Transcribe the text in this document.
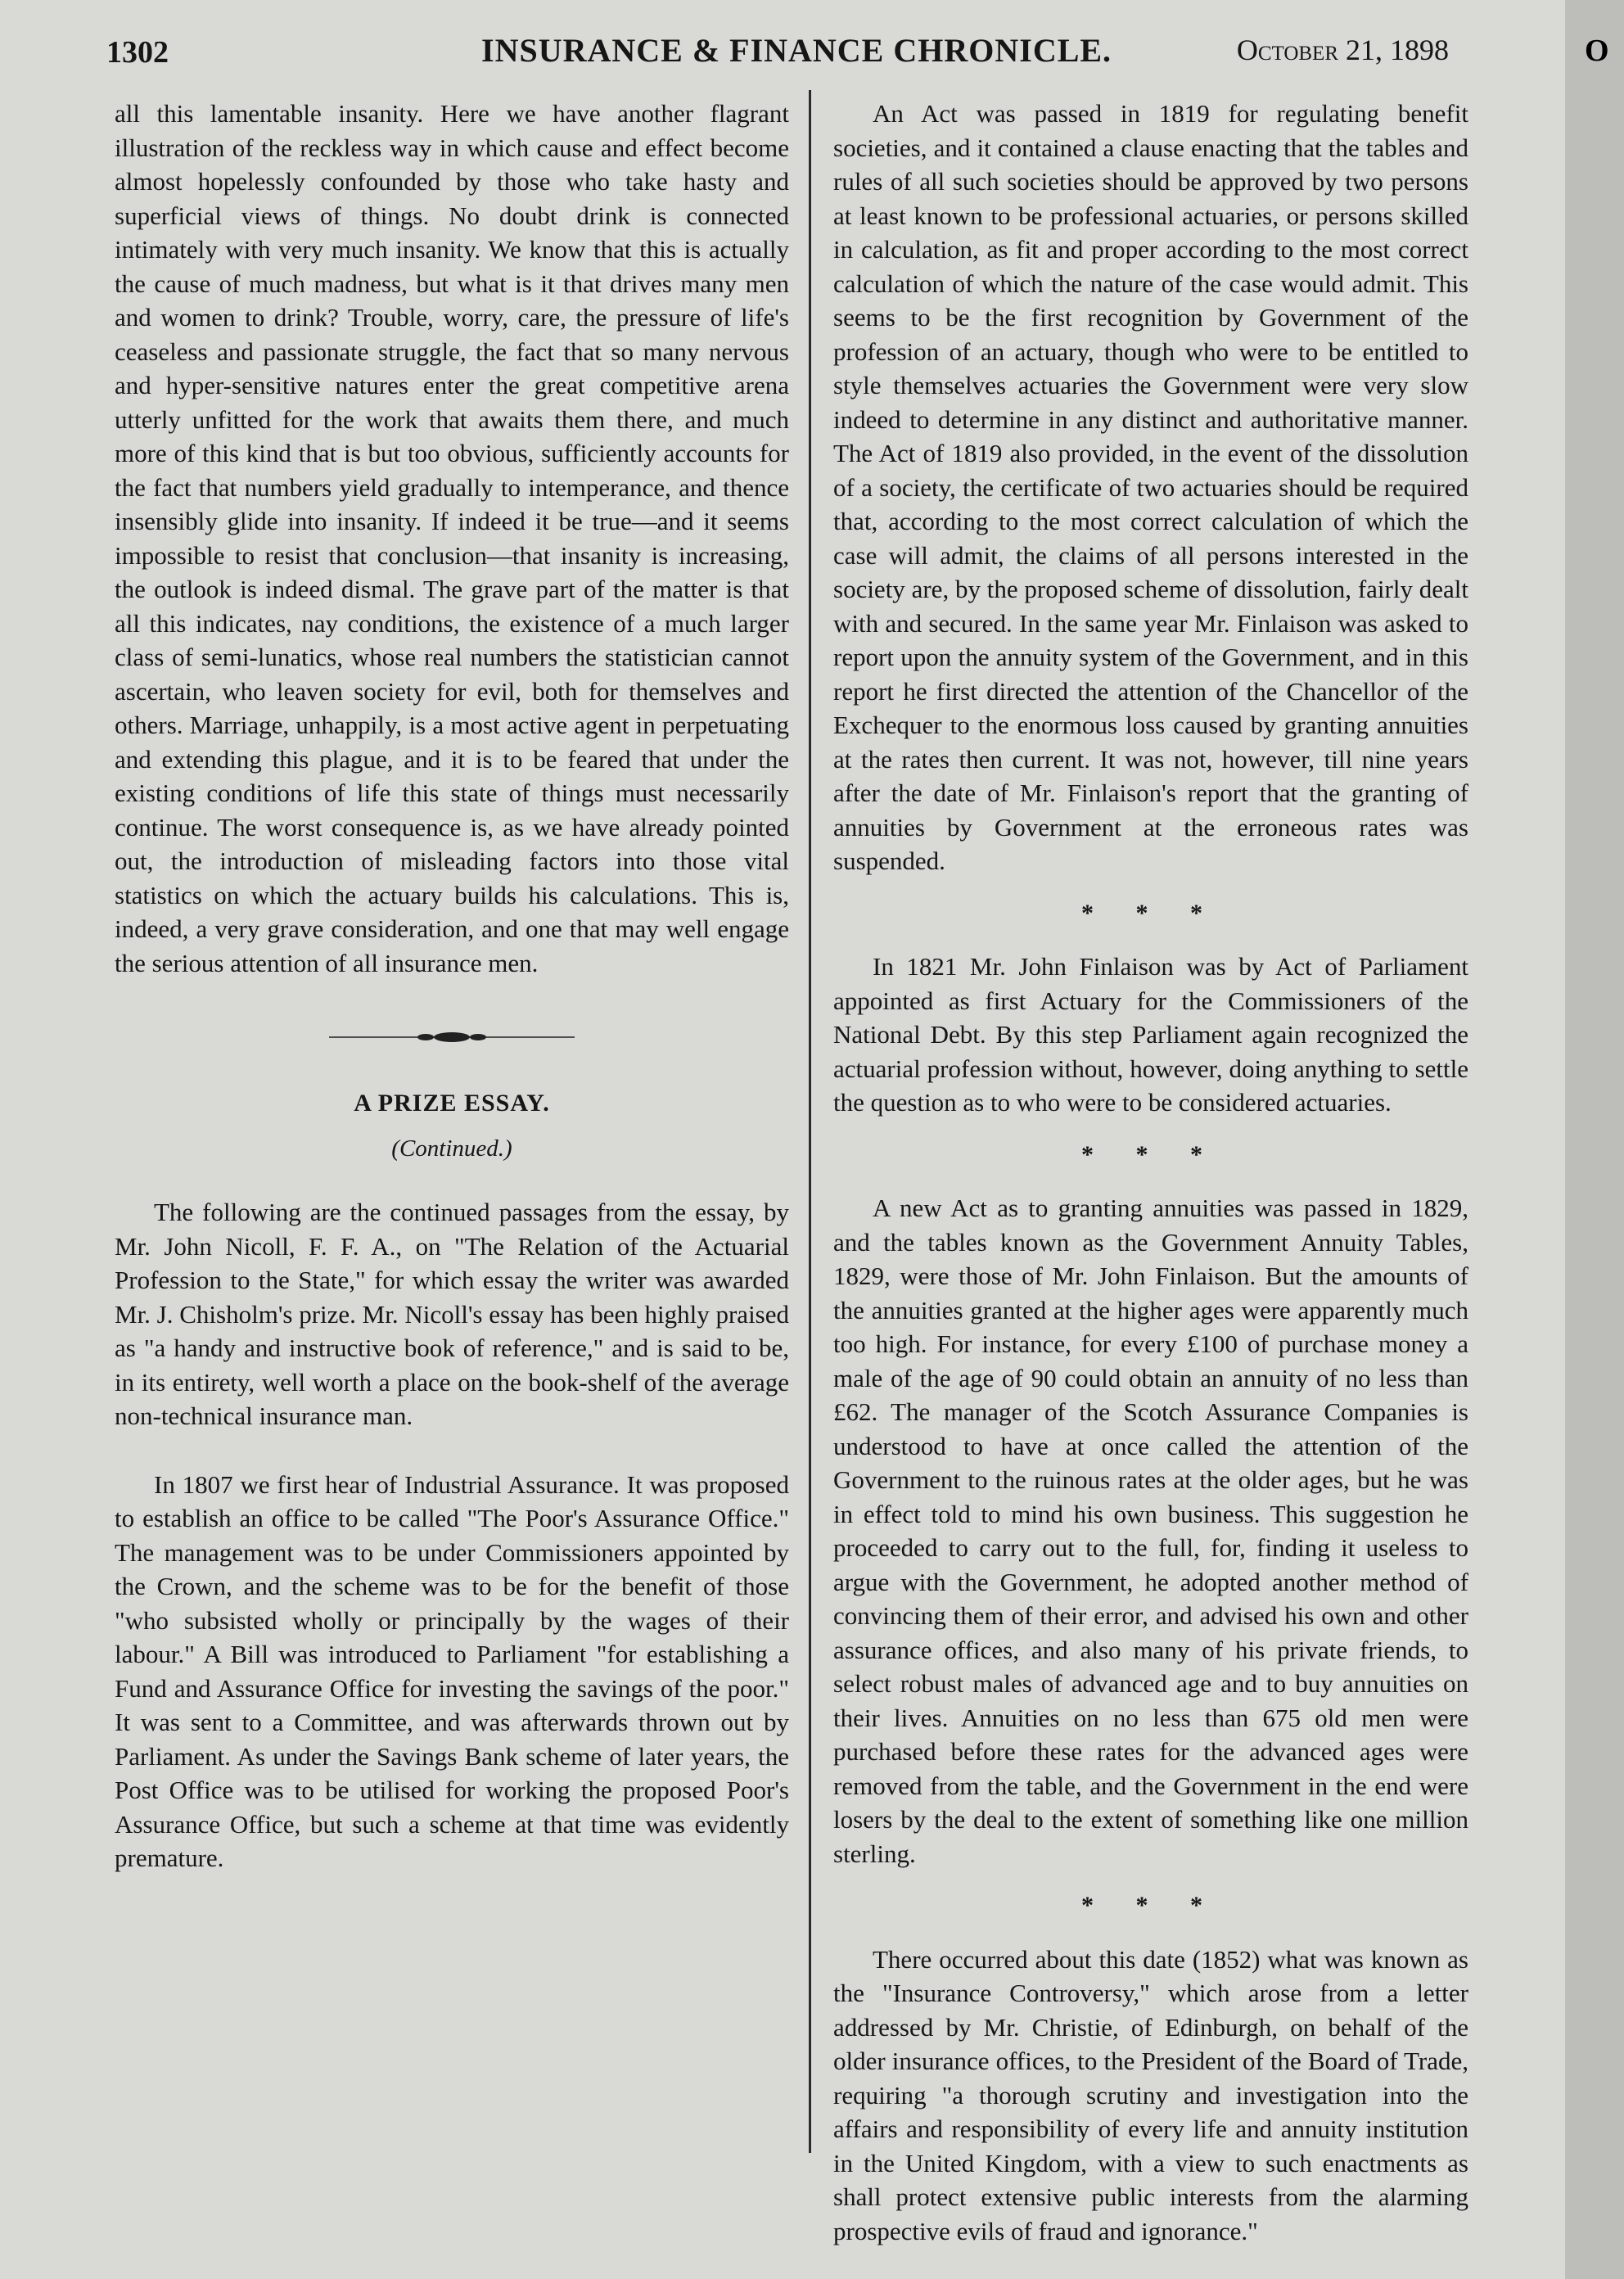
1302	INSURANCE & FINANCE CHRONICLE.	October 21, 1898

all this lamentable insanity. Here we have another flagrant illustration of the reckless way in which cause and effect become almost hopelessly confounded by those who take hasty and superficial views of things. No doubt drink is connected intimately with very much insanity. We know that this is actually the cause of much madness, but what is it that drives many men and women to drink? Trouble, worry, care, the pressure of life's ceaseless and passionate struggle, the fact that so many nervous and hyper-sensitive natures enter the great competitive arena utterly unfitted for the work that awaits them there, and much more of this kind that is but too obvious, sufficiently accounts for the fact that numbers yield gradually to intemperance, and thence insensibly glide into insanity. If indeed it be true—and it seems impossible to resist that conclusion—that insanity is increasing, the outlook is indeed dismal. The grave part of the matter is that all this indicates, nay conditions, the existence of a much larger class of semi-lunatics, whose real numbers the statistician cannot ascertain, who leaven society for evil, both for themselves and others. Marriage, unhappily, is a most active agent in perpetuating and extending this plague, and it is to be feared that under the existing conditions of life this state of things must necessarily continue. The worst consequence is, as we have already pointed out, the introduction of misleading factors into those vital statistics on which the actuary builds his calculations. This is, indeed, a very grave consideration, and one that may well engage the serious attention of all insurance men.

A PRIZE ESSAY.
(Continued.)

The following are the continued passages from the essay, by Mr. John Nicoll, F. F. A., on "The Relation of the Actuarial Profession to the State," for which essay the writer was awarded Mr. J. Chisholm's prize. Mr. Nicoll's essay has been highly praised as "a handy and instructive book of reference," and is said to be, in its entirety, well worth a place on the book-shelf of the average non-technical insurance man.

In 1807 we first hear of Industrial Assurance. It was proposed to establish an office to be called "The Poor's Assurance Office." The management was to be under Commissioners appointed by the Crown, and the scheme was to be for the benefit of those "who subsisted wholly or principally by the wages of their labour." A Bill was introduced to Parliament "for establishing a Fund and Assurance Office for investing the savings of the poor." It was sent to a Committee, and was afterwards thrown out by Parliament. As under the Savings Bank scheme of later years, the Post Office was to be utilised for working the proposed Poor's Assurance Office, but such a scheme at that time was evidently premature.

An Act was passed in 1819 for regulating benefit societies, and it contained a clause enacting that the tables and rules of all such societies should be approved by two persons at least known to be professional actuaries, or persons skilled in calculation, as fit and proper according to the most correct calculation of which the nature of the case would admit. This seems to be the first recognition by Government of the profession of an actuary, though who were to be entitled to style themselves actuaries the Government were very slow indeed to determine in any distinct and authoritative manner. The Act of 1819 also provided, in the event of the dissolution of a society, the certificate of two actuaries should be required that, according to the most correct calculation of which the case will admit, the claims of all persons interested in the society are, by the proposed scheme of dissolution, fairly dealt with and secured. In the same year Mr. Finlaison was asked to report upon the annuity system of the Government, and in this report he first directed the attention of the Chancellor of the Exchequer to the enormous loss caused by granting annuities at the rates then current. It was not, however, till nine years after the date of Mr. Finlaison's report that the granting of annuities by Government at the erroneous rates was suspended.

* * *

In 1821 Mr. John Finlaison was by Act of Parliament appointed as first Actuary for the Commissioners of the National Debt. By this step Parliament again recognized the actuarial profession without, however, doing anything to settle the question as to who were to be considered actuaries.

* * *

A new Act as to granting annuities was passed in 1829, and the tables known as the Government Annuity Tables, 1829, were those of Mr. John Finlaison. But the amounts of the annuities granted at the higher ages were apparently much too high. For instance, for every £100 of purchase money a male of the age of 90 could obtain an annuity of no less than £62. The manager of the Scotch Assurance Companies is understood to have at once called the attention of the Government to the ruinous rates at the older ages, but he was in effect told to mind his own business. This suggestion he proceeded to carry out to the full, for, finding it useless to argue with the Government, he adopted another method of convincing them of their error, and advised his own and other assurance offices, and also many of his private friends, to select robust males of advanced age and to buy annuities on their lives. Annuities on no less than 675 old men were purchased before these rates for the advanced ages were removed from the table, and the Government in the end were losers by the deal to the extent of something like one million sterling.

* * *

There occurred about this date (1852) what was known as the "Insurance Controversy," which arose from a letter addressed by Mr. Christie, of Edinburgh, on behalf of the older insurance offices, to the President of the Board of Trade, requiring "a thorough scrutiny and investigation into the affairs and responsibility of every life and annuity institution in the United Kingdom, with a view to such enactments as shall protect extensive public interests from the alarming prospective evils of fraud and ignorance."

O
